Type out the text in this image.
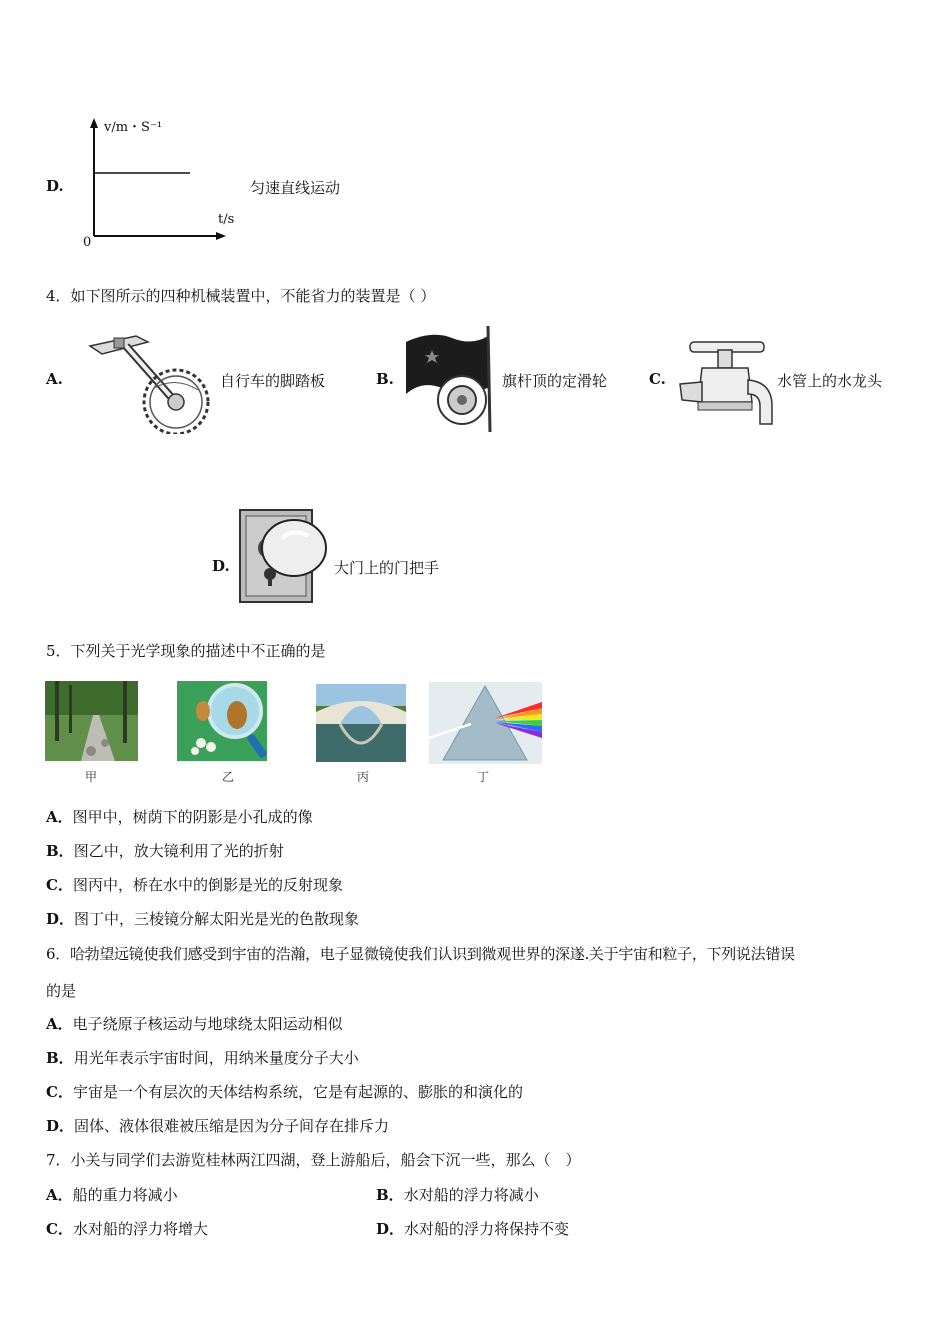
D.
v/m・S⁻¹
t/s
0
匀速直线运动
4．如下图所示的四种机械装置中，不能省力的装置是（ ）
A.	自行车的脚踏板	B.	旗杆顶的定滑轮	C.	水管上的水龙头
D.	大门上的门把手
5．下列关于光学现象的描述中不正确的是
甲	乙	丙	丁
A．图甲中，树荫下的阴影是小孔成的像
B．图乙中，放大镜利用了光的折射
C．图丙中，桥在水中的倒影是光的反射现象
D．图丁中，三棱镜分解太阳光是光的色散现象
6．哈勃望远镜使我们感受到宇宙的浩瀚，电子显微镜使我们认识到微观世界的深遂.关于宇宙和粒子，下列说法错误
的是
A．电子绕原子核运动与地球绕太阳运动相似
B．用光年表示宇宙时间，用纳米量度分子大小
C．宇宙是一个有层次的天体结构系统，它是有起源的、膨胀的和演化的
D．固体、液体很难被压缩是因为分子间存在排斥力
7．小关与同学们去游览桂林两江四湖，登上游船后，船会下沉一些，那么（　）
A．船的重力将减小	B．水对船的浮力将减小
C．水对船的浮力将增大	D．水对船的浮力将保持不变
